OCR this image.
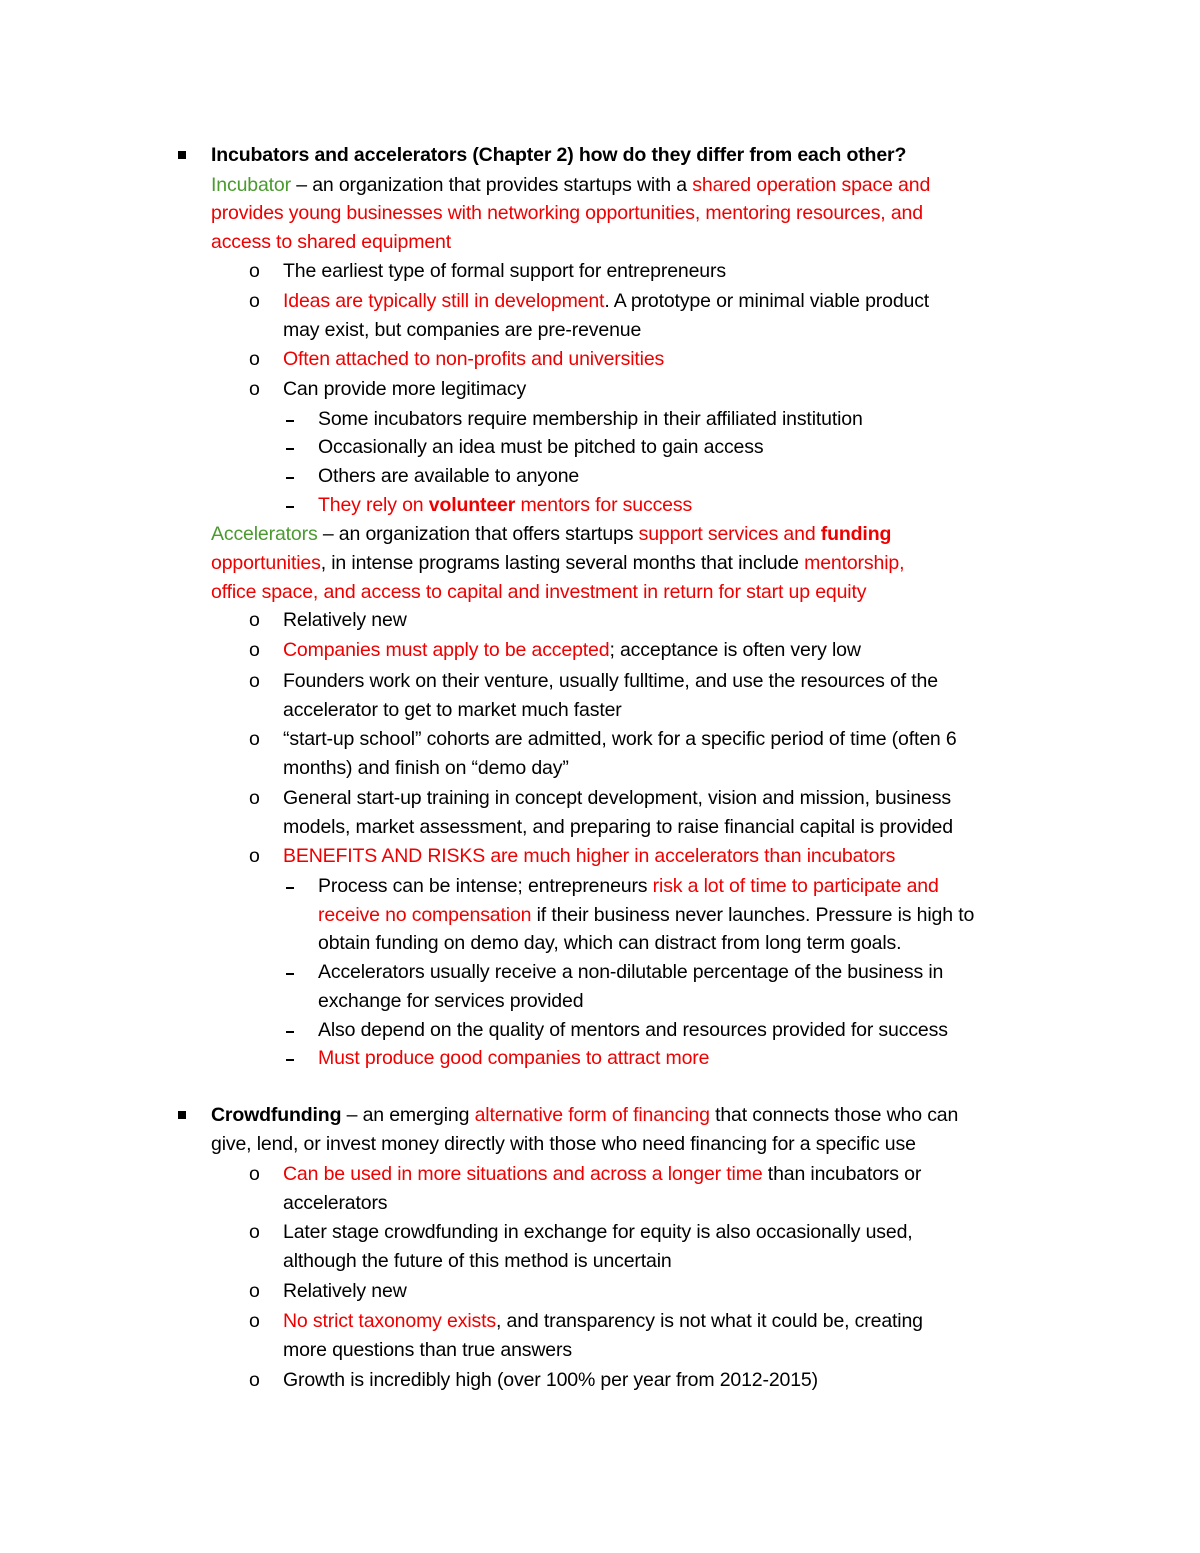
Incubators and accelerators (Chapter 2) how do they differ from each other?
Incubator – an organization that provides startups with a shared operation space and
provides young businesses with networking opportunities, mentoring resources, and
access to shared equipment
o The earliest type of formal support for entrepreneurs
o Ideas are typically still in development. A prototype or minimal viable product
may exist, but companies are pre-revenue
o Often attached to non-profits and universities
o Can provide more legitimacy
Some incubators require membership in their affiliated institution
Occasionally an idea must be pitched to gain access
Others are available to anyone
They rely on volunteer mentors for success
Accelerators – an organization that offers startups support services and funding
opportunities, in intense programs lasting several months that include mentorship,
office space, and access to capital and investment in return for start up equity
o Relatively new
o Companies must apply to be accepted; acceptance is often very low
o Founders work on their venture, usually fulltime, and use the resources of the
accelerator to get to market much faster
o “start-up school” cohorts are admitted, work for a specific period of time (often 6
months) and finish on “demo day”
o General start-up training in concept development, vision and mission, business
models, market assessment, and preparing to raise financial capital is provided
o BENEFITS AND RISKS are much higher in accelerators than incubators
Process can be intense; entrepreneurs risk a lot of time to participate and
receive no compensation if their business never launches. Pressure is high to
obtain funding on demo day, which can distract from long term goals.
Accelerators usually receive a non-dilutable percentage of the business in
exchange for services provided
Also depend on the quality of mentors and resources provided for success
Must produce good companies to attract more
Crowdfunding – an emerging alternative form of financing that connects those who can
give, lend, or invest money directly with those who need financing for a specific use
o Can be used in more situations and across a longer time than incubators or
accelerators
o Later stage crowdfunding in exchange for equity is also occasionally used,
although the future of this method is uncertain
o Relatively new
o No strict taxonomy exists, and transparency is not what it could be, creating
more questions than true answers
o Growth is incredibly high (over 100% per year from 2012-2015)
